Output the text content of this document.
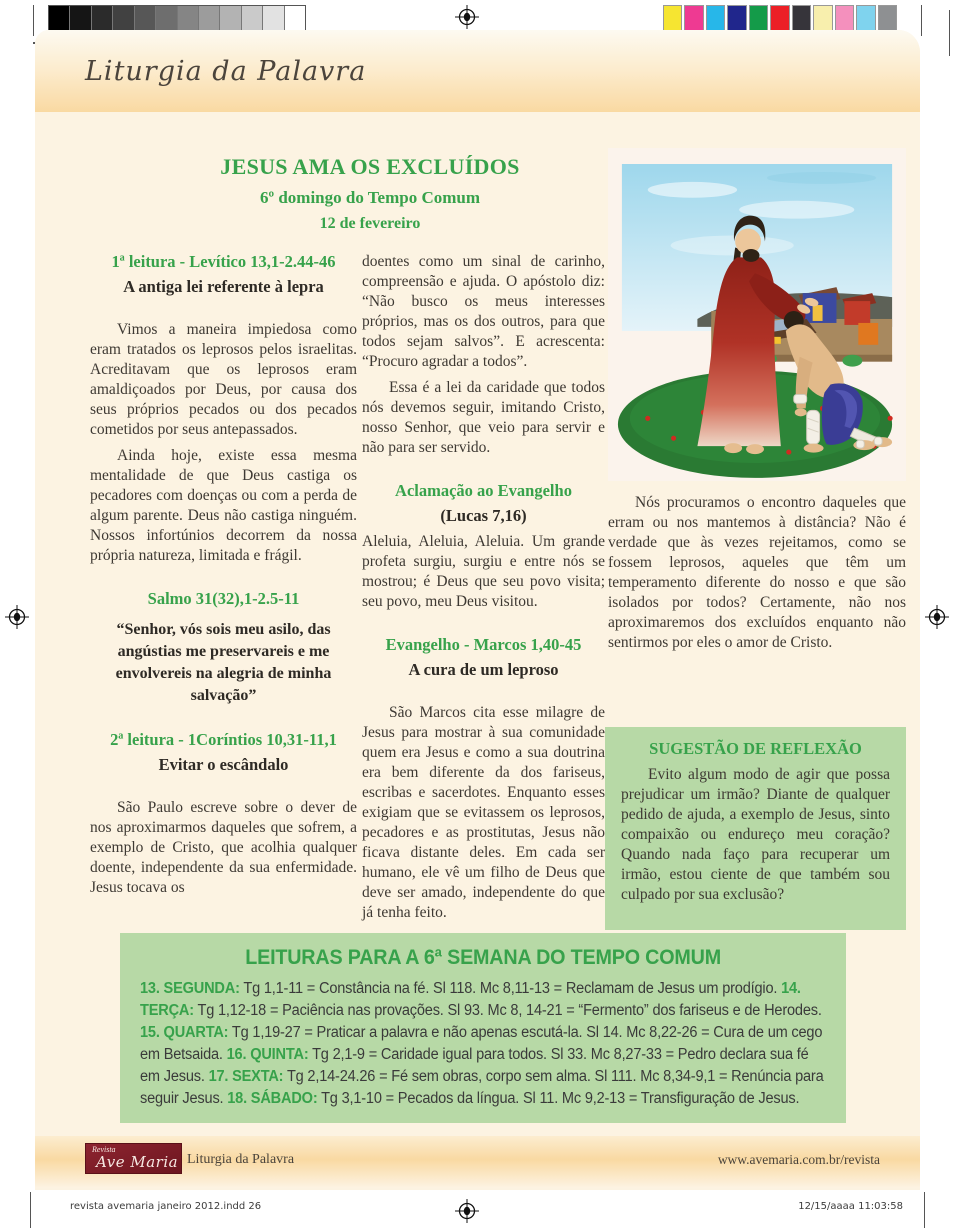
Liturgia da Palavra
JESUS AMA OS EXCLUÍDOS
6º domingo do Tempo Comum
12 de fevereiro
1ª leitura - Levítico 13,1-2.44-46
A antiga lei referente à lepra

Vimos a maneira impiedosa como eram tratados os leprosos pelos israelitas. Acreditavam que os leprosos eram amaldiçoados por Deus, por causa dos seus próprios pecados ou dos pecados cometidos por seus antepassados.

Ainda hoje, existe essa mesma mentalidade de que Deus castiga os pecadores com doenças ou com a perda de algum parente. Deus não castiga ninguém. Nossos infortúnios decorrem da nossa própria natureza, limitada e frágil.

Salmo 31(32),1-2.5-11
“Senhor, vós sois meu asilo, das angústias me preservareis e me envolvereis na alegria de minha salvação”
2ª leitura - 1Coríntios 10,31-11,1
Evitar o escândalo

São Paulo escreve sobre o dever de nos aproximarmos daqueles que sofrem, a exemplo de Cristo, que acolhia qualquer doente, independente da sua enfermidade. Jesus tocava os

doentes como um sinal de carinho, compreensão e ajuda. O apóstolo diz: “Não busco os meus interesses próprios, mas os dos outros, para que todos sejam salvos”. E acrescenta: “Procuro agradar a todos”.

Essa é a lei da caridade que todos nós devemos seguir, imitando Cristo, nosso Senhor, que veio para servir e não para ser servido.

Aclamação ao Evangelho
(Lucas 7,16)

Aleluia, Aleluia, Aleluia. Um grande profeta surgiu, surgiu e entre nós se mostrou; é Deus que seu povo visita; seu povo, meu Deus visitou.

Evangelho - Marcos 1,40-45
A cura de um leproso

São Marcos cita esse milagre de Jesus para mostrar à sua comunidade quem era Jesus e como a sua doutrina era bem diferente da dos fariseus, escribas e sacerdotes. Enquanto esses exigiam que se evitassem os leprosos, pecadores e as prostitutas, Jesus não ficava distante deles. Em cada ser humano, ele vê um filho de Deus que deve ser amado, independente do que já tenha feito.

Nós procuramos o encontro daqueles que erram ou nos mantemos à distância? Não é verdade que às vezes rejeitamos, como se fossem leprosos, aqueles que têm um temperamento diferente do nosso e que são isolados por todos? Certamente, não nos aproximaremos dos excluídos enquanto não sentirmos por eles o amor de Cristo.

SUGESTÃO DE REFLEXÃO

Evito algum modo de agir que possa prejudicar um irmão? Diante de qualquer pedido de ajuda, a exemplo de Jesus, sinto compaixão ou endureço meu coração? Quando nada faço para recuperar um irmão, estou ciente de que também sou culpado por sua exclusão?

LEITURAS PARA A 6ª SEMANA DO TEMPO COMUM
13. SEGUNDA: Tg 1,1-11 = Constância na fé. Sl 118. Mc 8,11-13 = Reclamam de Jesus um prodígio. 14. TERÇA: Tg 1,12-18 = Paciência nas provações. Sl 93. Mc 8, 14-21 = “Fermento” dos fariseus e de Herodes. 15. QUARTA: Tg 1,19-27 = Praticar a palavra e não apenas escutá-la. Sl 14. Mc 8,22-26 = Cura de um cego em Betsaida. 16. QUINTA: Tg 2,1-9 = Caridade igual para todos. Sl 33. Mc 8,27-33 = Pedro declara sua fé em Jesus. 17. SEXTA: Tg 2,14-24.26 = Fé sem obras, corpo sem alma. Sl 111. Mc 8,34-9,1 = Renúncia para seguir Jesus. 18. SÁBADO: Tg 3,1-10 = Pecados da língua. Sl 11. Mc 9,2-13 = Transfiguração de Jesus.
Revista
Ave Maria Liturgia da Palavra	www.avemaria.com.br/revista
revista avemaria janeiro 2012.indd 26	12/15/aaaa 11:03:58
